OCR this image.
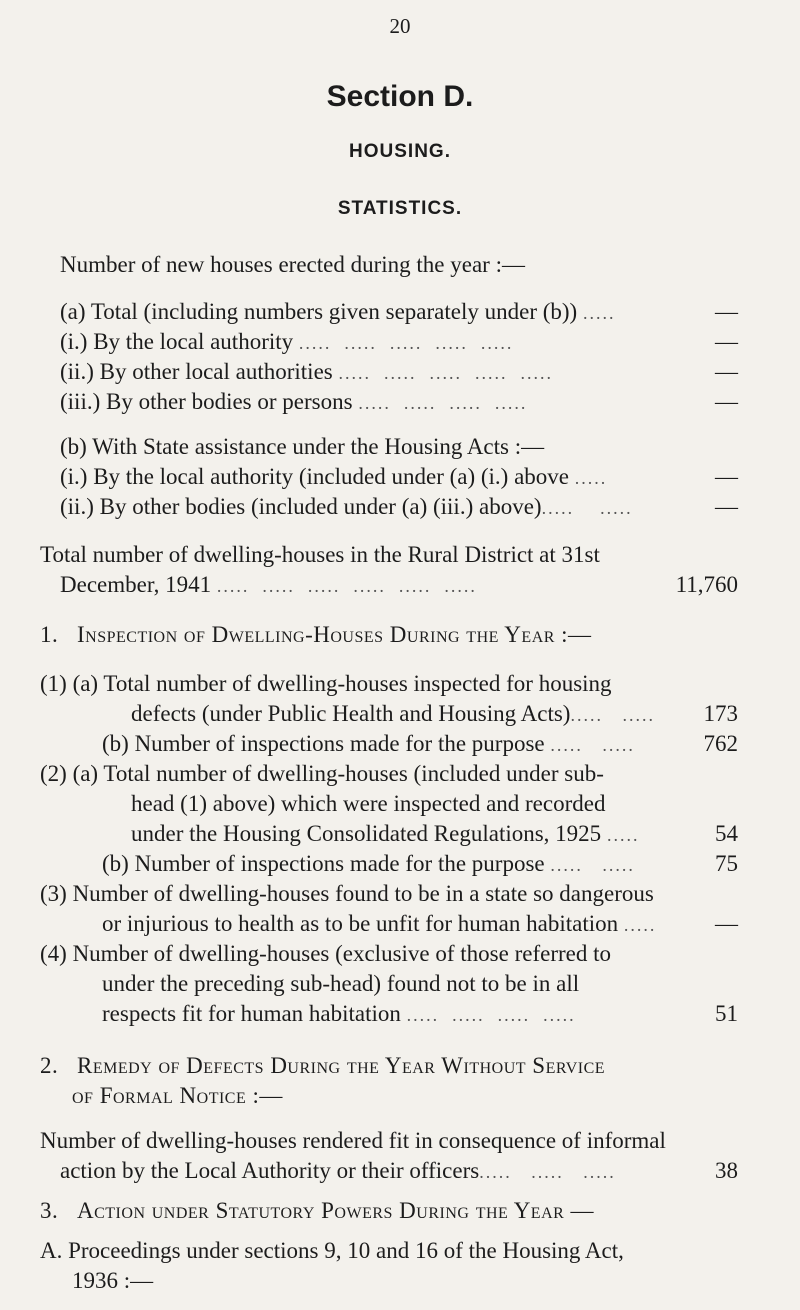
20
Section D.
HOUSING.
STATISTICS.
Number of new houses erected during the year :—
(a) Total (including numbers given separately under (b)) .....	—
(i.) By the local authority .....  .....  .....  .....  .....	—
(ii.) By other local authorities .....  .....  .....  .....  .....	—
(iii.) By other bodies or persons .....  .....  .....  .....	—
(b) With State assistance under the Housing Acts :—
(i.) By the local authority (included under (a) (i.) above .....	—
(ii.) By other bodies (included under (a) (iii.) above).....    .....	—
Total number of dwelling-houses in the Rural District at 31st
December, 1941 .....  .....  .....  .....  .....  .....	11,760
1. Inspection of Dwelling-Houses During the Year :—
(1) (a) Total number of dwelling-houses inspected for housing
defects (under Public Health and Housing Acts).....   ..... 173
(b) Number of inspections made for the purpose .....   .....	762
(2) (a) Total number of dwelling-houses (included under sub-
head (1) above) which were inspected and recorded
under the Housing Consolidated Regulations, 1925 .....	54
(b) Number of inspections made for the purpose .....   .....	75
(3) Number of dwelling-houses found to be in a state so dangerous
or injurious to health as to be unfit for human habitation .....	—
(4) Number of dwelling-houses (exclusive of those referred to
under the preceding sub-head) found not to be in all
respects fit for human habitation .....  .....  .....  .....	51
2. Remedy of Defects During the Year Without Service
of Formal Notice :—
Number of dwelling-houses rendered fit in consequence of informal
action by the Local Authority or their officers.....   .....   .....	38
3. Action under Statutory Powers During the Year —
A. Proceedings under sections 9, 10 and 16 of the Housing Act,
1936 :—
